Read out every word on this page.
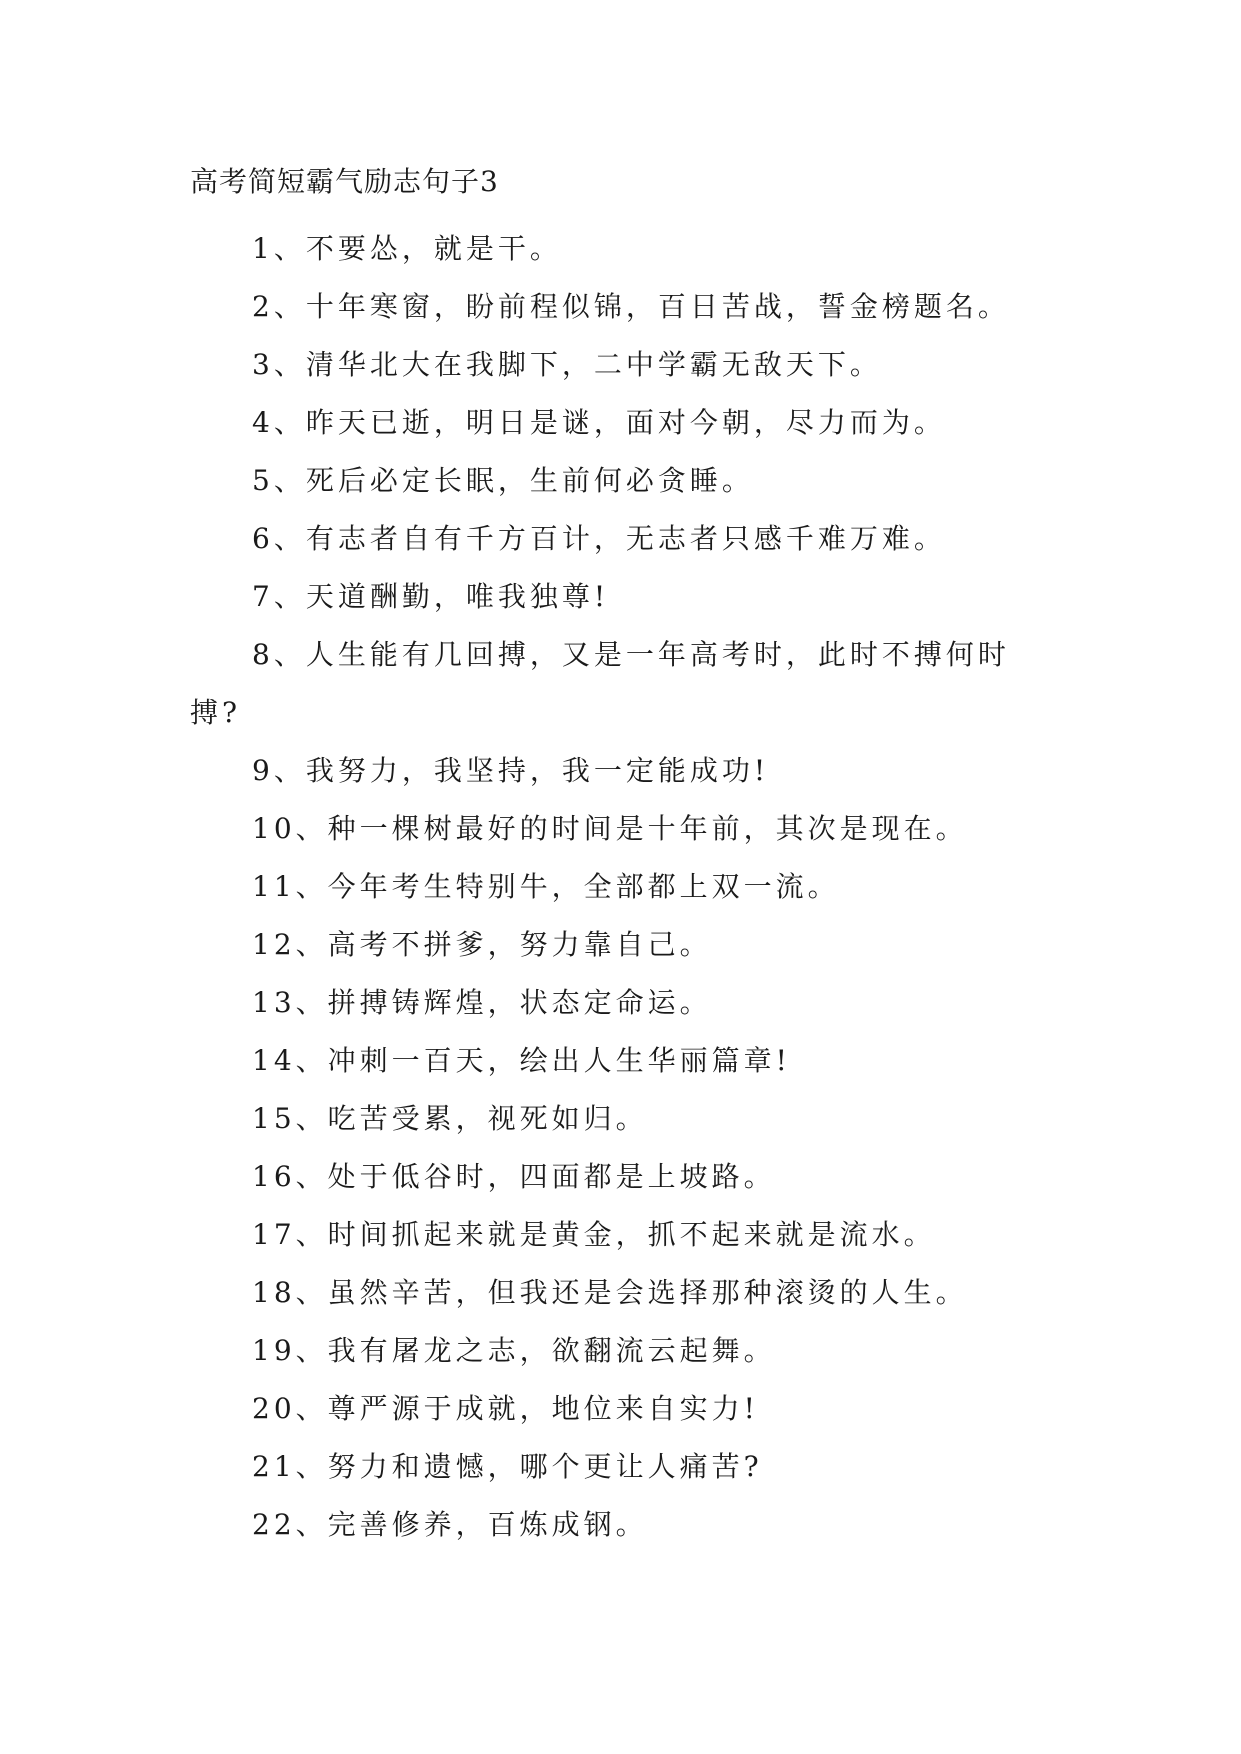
高考简短霸气励志句子3

1、不要怂，就是干。

2、十年寒窗，盼前程似锦，百日苦战，誓金榜题名。

3、清华北大在我脚下，二中学霸无敌天下。

4、昨天已逝，明日是谜，面对今朝，尽力而为。

5、死后必定长眠，生前何必贪睡。

6、有志者自有千方百计，无志者只感千难万难。

7、天道酬勤，唯我独尊!

8、人生能有几回搏，又是一年高考时，此时不搏何时搏?

9、我努力，我坚持，我一定能成功!

10、种一棵树最好的时间是十年前，其次是现在。

11、今年考生特别牛，全部都上双一流。

12、高考不拼爹，努力靠自己。

13、拼搏铸辉煌，状态定命运。

14、冲刺一百天，绘出人生华丽篇章!

15、吃苦受累，视死如归。

16、处于低谷时，四面都是上坡路。

17、时间抓起来就是黄金，抓不起来就是流水。

18、虽然辛苦，但我还是会选择那种滚烫的人生。

19、我有屠龙之志，欲翻流云起舞。

20、尊严源于成就，地位来自实力!

21、努力和遗憾，哪个更让人痛苦?

22、完善修养，百炼成钢。
